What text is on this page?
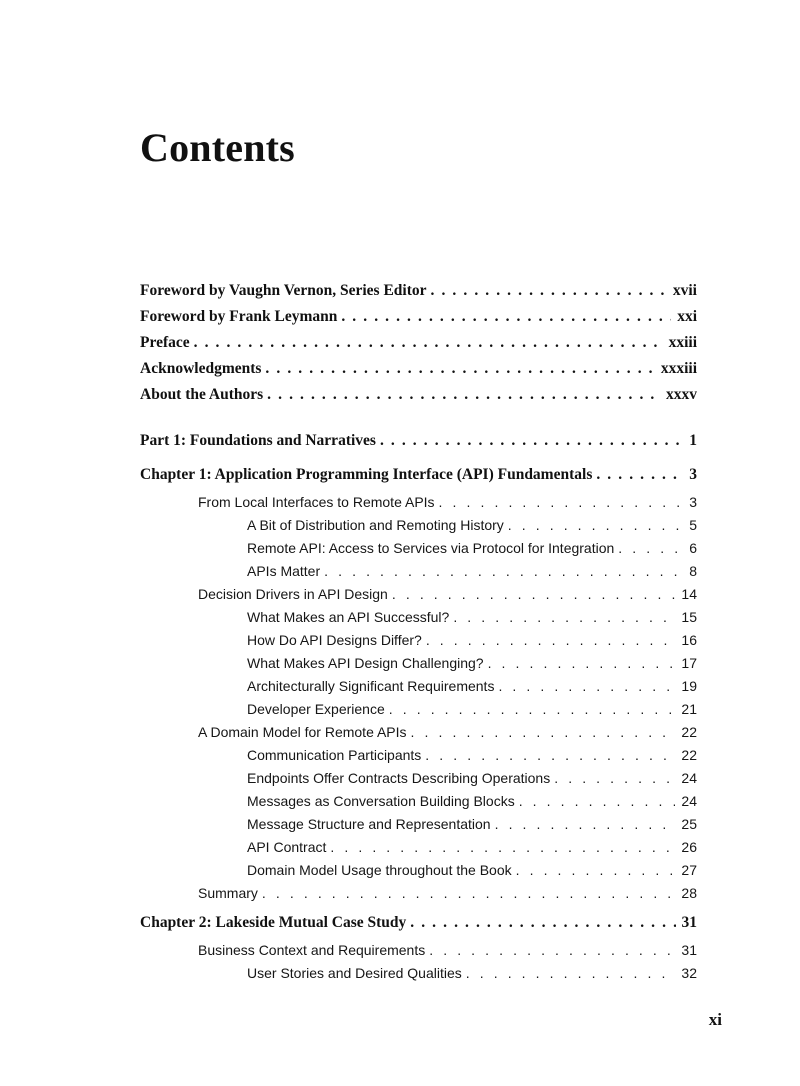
Contents
Foreword by Vaughn Vernon, Series Editor . . .	xvii
Foreword by Frank Leymann . . .	xxi
Preface . . .	xxiii
Acknowledgments . . .	xxxiii
About the Authors . . .	xxxv
Part 1: Foundations and Narratives . . .	1
Chapter 1: Application Programming Interface (API) Fundamentals . . .	3
From Local Interfaces to Remote APIs . . .	3
A Bit of Distribution and Remoting History . . .	5
Remote API: Access to Services via Protocol for Integration . . .	6
APIs Matter . . .	8
Decision Drivers in API Design . . .	14
What Makes an API Successful? . . .	15
How Do API Designs Differ? . . .	16
What Makes API Design Challenging? . . .	17
Architecturally Significant Requirements . . .	19
Developer Experience . . .	21
A Domain Model for Remote APIs . . .	22
Communication Participants . . .	22
Endpoints Offer Contracts Describing Operations . . .	24
Messages as Conversation Building Blocks . . .	24
Message Structure and Representation . . .	25
API Contract . . .	26
Domain Model Usage throughout the Book . . .	27
Summary . . .	28
Chapter 2: Lakeside Mutual Case Study . . .	31
Business Context and Requirements . . .	31
User Stories and Desired Qualities . . .	32
xi
